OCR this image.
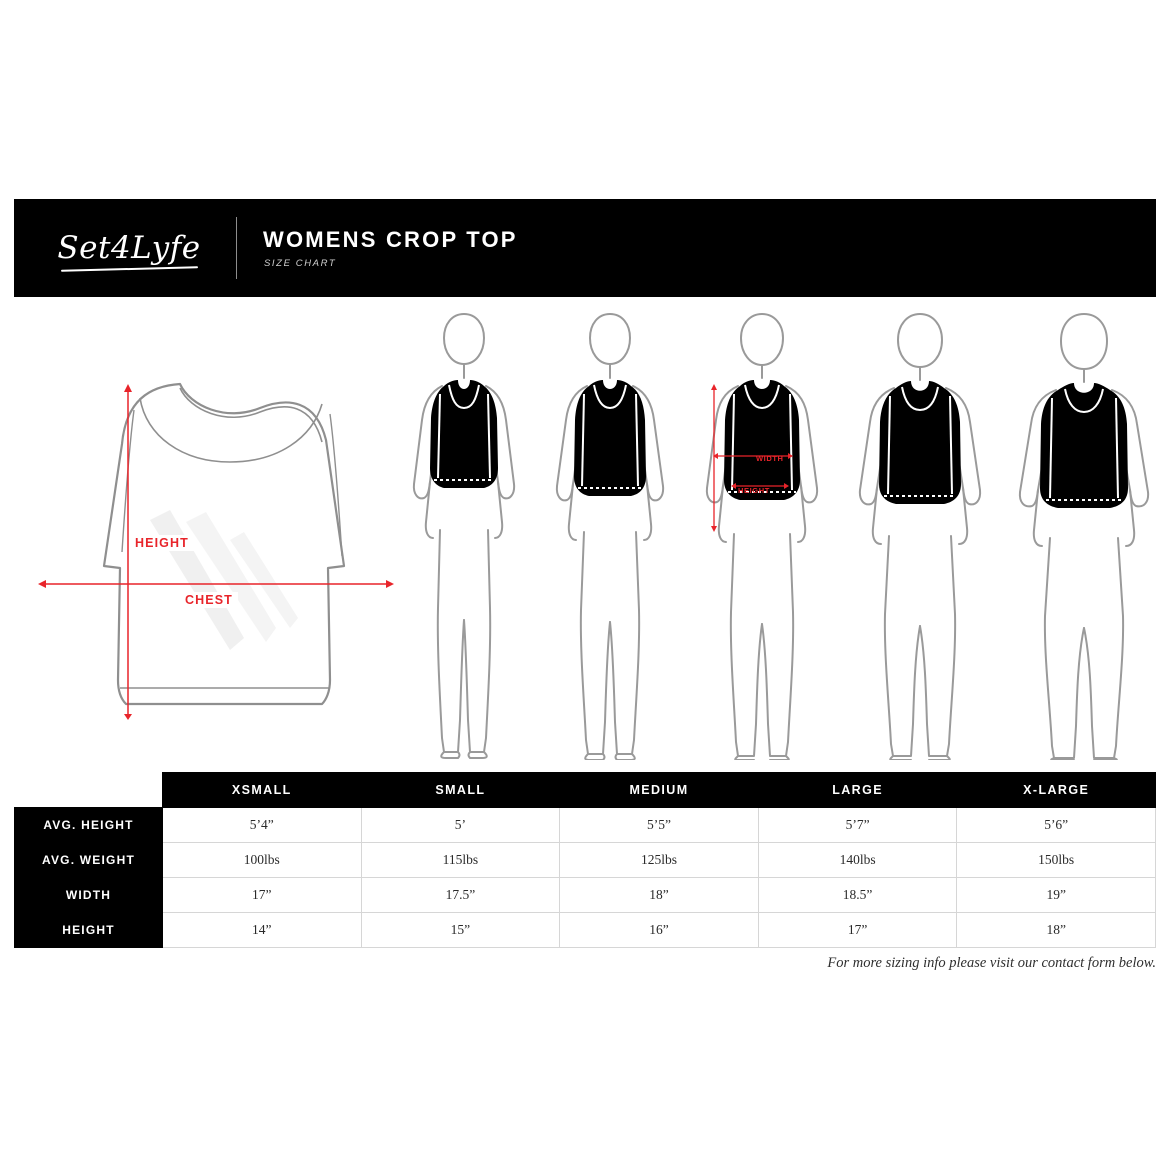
Set4Lyfe	WOMENS CROP TOP
SIZE CHART
HEIGHT
CHEST
WIDTH
HEIGHT
	XSMALL	SMALL	MEDIUM	LARGE	X-LARGE
AVG. HEIGHT	5’4”	5’	5’5”	5’7”	5’6”
AVG. WEIGHT	100lbs	115lbs	125lbs	140lbs	150lbs
WIDTH	17”	17.5”	18”	18.5”	19”
HEIGHT	14”	15”	16”	17”	18”
For more sizing info please visit our contact form below.
